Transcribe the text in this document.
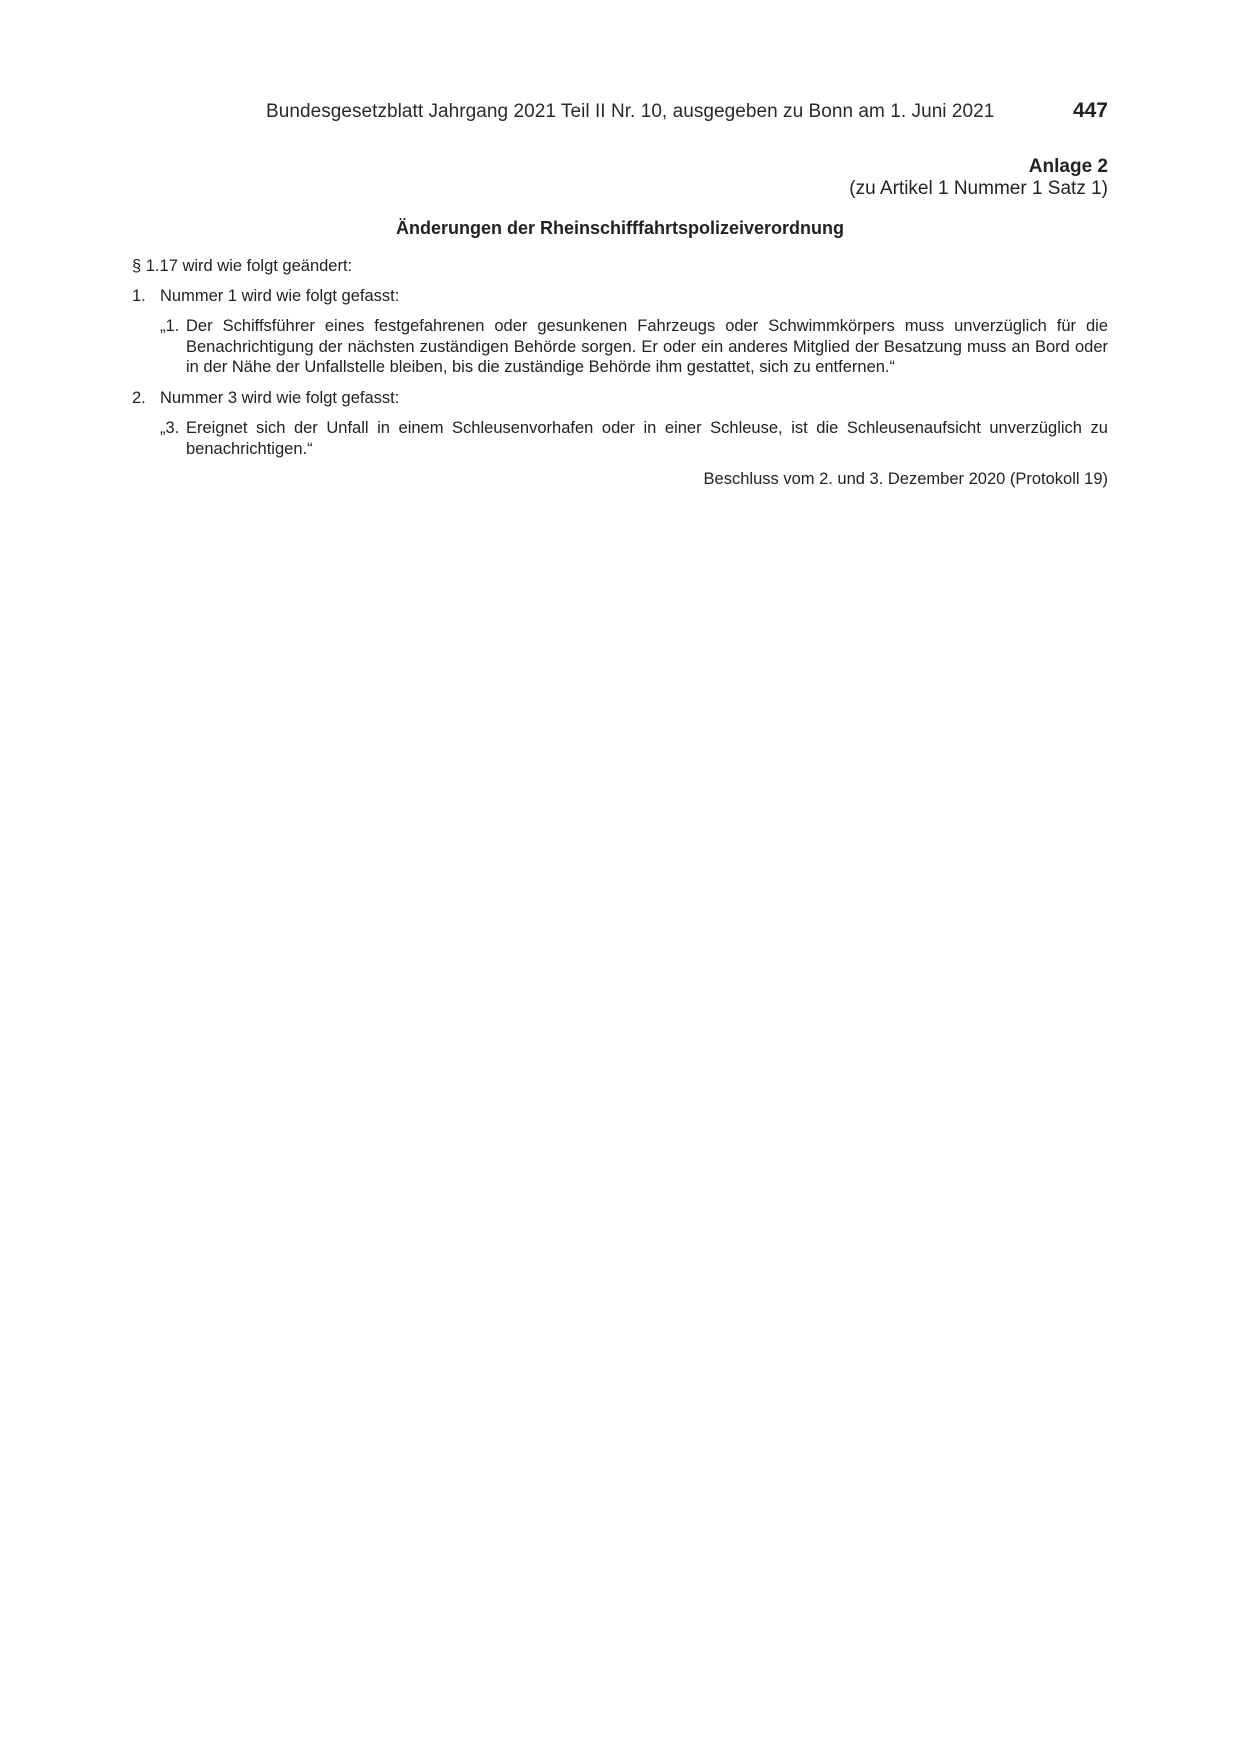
Bundesgesetzblatt Jahrgang 2021 Teil II Nr. 10, ausgegeben zu Bonn am 1. Juni 2021	447
Anlage 2
(zu Artikel 1 Nummer 1 Satz 1)
Änderungen der Rheinschifffahrtspolizeiverordnung

§ 1.17 wird wie folgt geändert:

1. Nummer 1 wird wie folgt gefasst:
„1. Der Schiffsführer eines festgefahrenen oder gesunkenen Fahrzeugs oder Schwimmkörpers muss unverzüglich für die Benachrichtigung der nächsten zuständigen Behörde sorgen. Er oder ein anderes Mitglied der Besatzung muss an Bord oder in der Nähe der Unfallstelle bleiben, bis die zuständige Behörde ihm gestattet, sich zu entfernen.“
2. Nummer 3 wird wie folgt gefasst:
„3. Ereignet sich der Unfall in einem Schleusenvorhafen oder in einer Schleuse, ist die Schleusenaufsicht unverzüglich zu benachrichtigen.“
Beschluss vom 2. und 3. Dezember 2020 (Protokoll 19)
